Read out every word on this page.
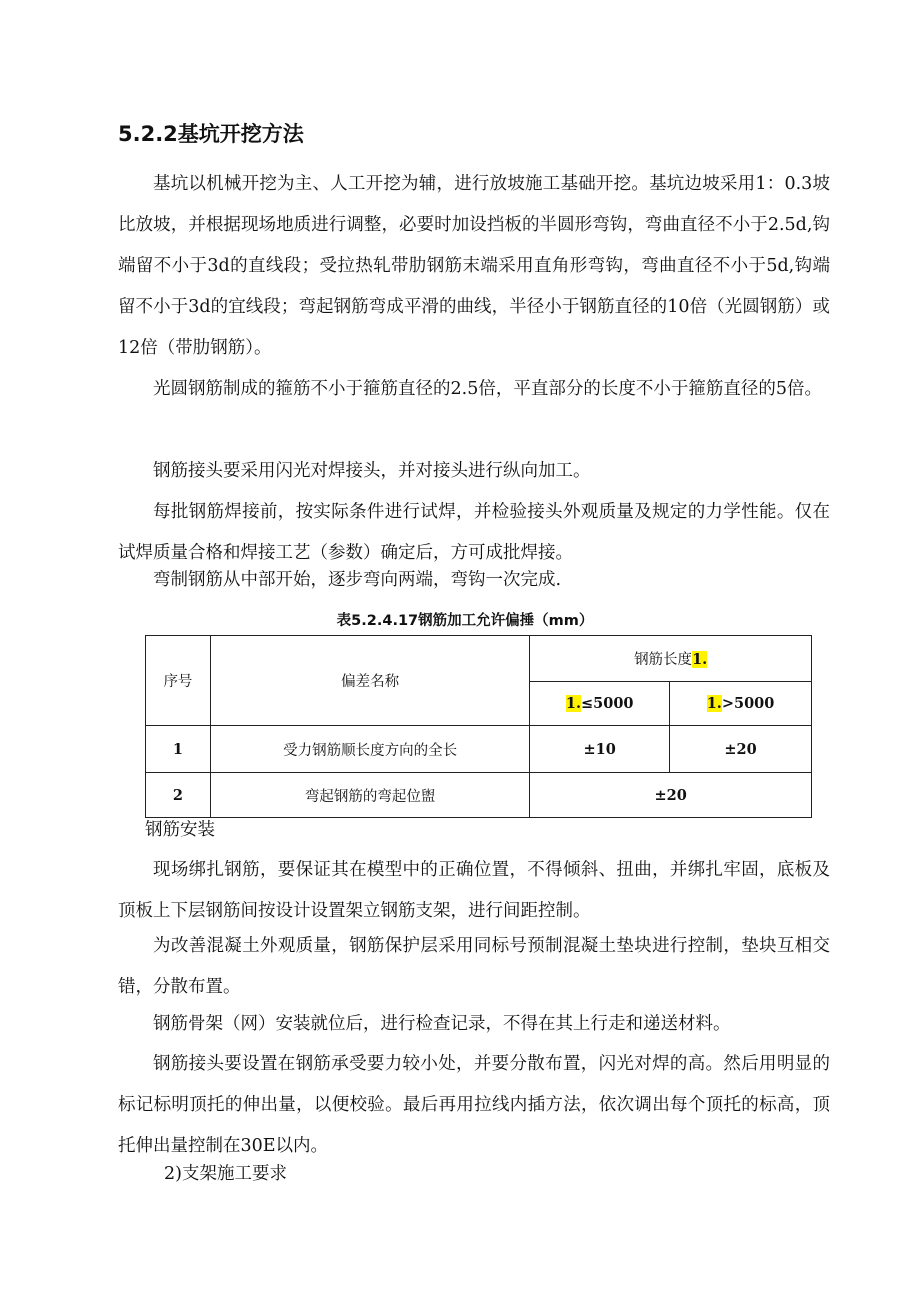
5.2.2基坑开挖方法

基坑以机械开挖为主、人工开挖为辅，进行放坡施工基础开挖。基坑边坡采用1：0.3坡比放坡，并根据现场地质进行调整，必要时加设挡板的半圆形弯钩，弯曲直径不小于2.5d,钩端留不小于3d的直线段；受拉热轧带肋钢筋末端采用直角形弯钩，弯曲直径不小于5d,钩端留不小于3d的宜线段；弯起钢筋弯成平滑的曲线，半径小于钢筋直径的10倍（光圆钢筋）或12倍（带肋钢筋）。

光圆钢筋制成的箍筋不小于箍筋直径的2.5倍，平直部分的长度不小于箍筋直径的5倍。

钢筋接头要采用闪光对焊接头，并对接头进行纵向加工。

每批钢筋焊接前，按实际条件进行试焊，并检验接头外观质量及规定的力学性能。仅在试焊质量合格和焊接工艺（参数）确定后，方可成批焊接。

弯制钢筋从中部开始，逐步弯向两端，弯钩一次完成.

表5.2.4.17钢筋加工允许偏捶（mm）
序号	偏差名称	钢筋长度1.	
		1.≤5000	1.>5000
1	受力钢筋顺长度方向的全长	±10	±20
2	弯起钢筋的弯起位盥	±20	

钢筋安装

现场绑扎钢筋，要保证其在模型中的正确位置，不得倾斜、扭曲，并绑扎牢固，底板及顶板上下层钢筋间按设计设置架立钢筋支架，进行间距控制。

为改善混凝土外观质量，钢筋保护层采用同标号预制混凝土垫块进行控制，垫块互相交错，分散布置。

钢筋骨架（网）安装就位后，进行检查记录，不得在其上行走和递送材料。

钢筋接头要设置在钢筋承受要力较小处，并要分散布置，闪光对焊的高。然后用明显的标记标明顶托的伸出量，以便校验。最后再用拉线内插方法，依次调出每个顶托的标高，顶托伸出量控制在30E以内。

2)支架施工要求
